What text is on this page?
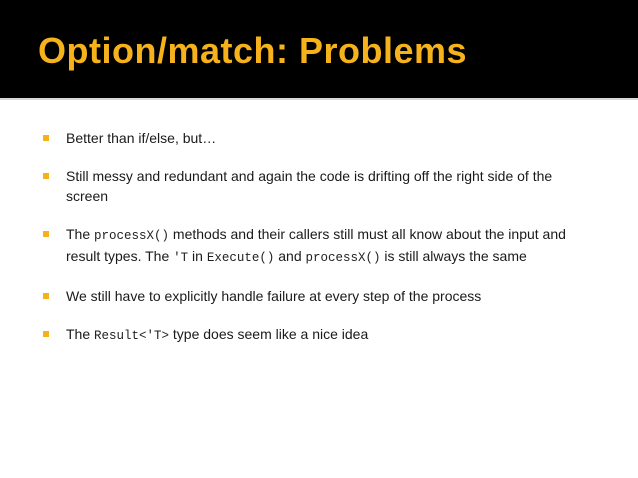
Option/match: Problems
Better than if/else, but…
Still messy and redundant and again the code is drifting off the right side of the screen
The processX() methods and their callers still must all know about the input and result types. The 'T in Execute() and processX() is still always the same
We still have to explicitly handle failure at every step of the process
The Result<'T> type does seem like a nice idea
